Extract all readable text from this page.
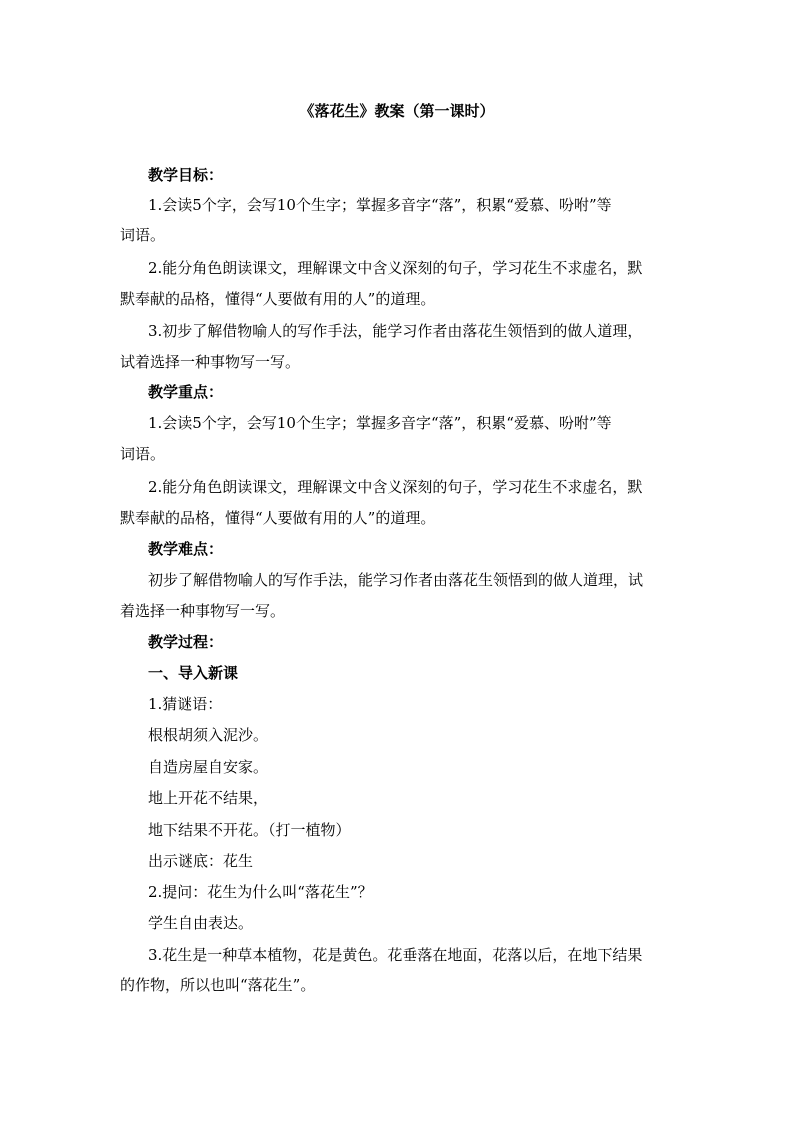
《落花生》教案（第一课时）
教学目标：
1.会读5个字，会写10个生字；掌握多音字“落”，积累“爱慕、吩咐”等
词语。
2.能分角色朗读课文，理解课文中含义深刻的句子，学习花生不求虚名，默
默奉献的品格，懂得“人要做有用的人”的道理。
3.初步了解借物喻人的写作手法，能学习作者由落花生领悟到的做人道理，
试着选择一种事物写一写。
教学重点：
1.会读5个字，会写10个生字；掌握多音字“落”，积累“爱慕、吩咐”等
词语。
2.能分角色朗读课文，理解课文中含义深刻的句子，学习花生不求虚名，默
默奉献的品格，懂得“人要做有用的人”的道理。
教学难点：
初步了解借物喻人的写作手法，能学习作者由落花生领悟到的做人道理，试
着选择一种事物写一写。
教学过程：
一、导入新课
1.猜谜语：
根根胡须入泥沙。
自造房屋自安家。
地上开花不结果，
地下结果不开花。（打一植物）
出示谜底：花生
2.提问：花生为什么叫“落花生”？
学生自由表达。
3.花生是一种草本植物，花是黄色。花垂落在地面，花落以后，在地下结果
的作物，所以也叫“落花生”。
